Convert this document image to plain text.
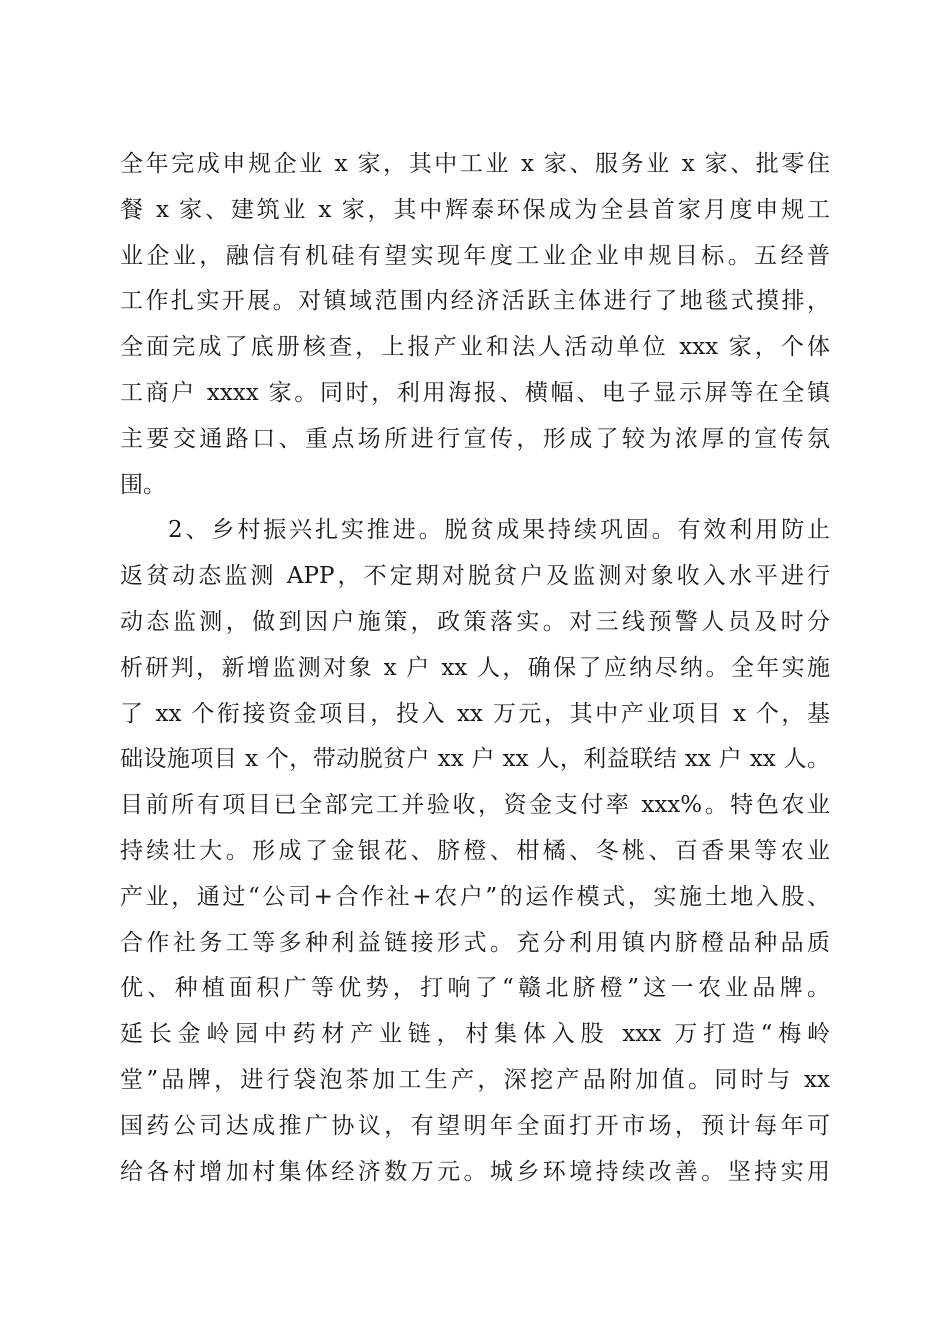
全年完成申规企业 x 家，其中工业 x 家、服务业 x 家、批零住
餐 x 家、建筑业 x 家，其中辉泰环保成为全县首家月度申规工
业企业，融信有机硅有望实现年度工业企业申规目标。五经普
工作扎实开展。对镇域范围内经济活跃主体进行了地毯式摸排，
全面完成了底册核查，上报产业和法人活动单位 xxx 家，个体
工商户 xxxx 家。同时，利用海报、横幅、电子显示屏等在全镇
主要交通路口、重点场所进行宣传，形成了较为浓厚的宣传氛
围。
2、乡村振兴扎实推进。脱贫成果持续巩固。有效利用防止
返贫动态监测 APP，不定期对脱贫户及监测对象收入水平进行
动态监测，做到因户施策，政策落实。对三线预警人员及时分
析研判，新增监测对象 x 户 xx 人，确保了应纳尽纳。全年实施
了 xx 个衔接资金项目，投入 xx 万元，其中产业项目 x 个，基
础设施项目 x 个，带动脱贫户 xx 户 xx 人，利益联结 xx 户 xx 人。
目前所有项目已全部完工并验收，资金支付率 xxx%。特色农业
持续壮大。形成了金银花、脐橙、柑橘、冬桃、百香果等农业
产业，通过“公司+合作社+农户”的运作模式，实施土地入股、
合作社务工等多种利益链接形式。充分利用镇内脐橙品种品质
优、种植面积广等优势，打响了“赣北脐橙”这一农业品牌。
延长金岭园中药材产业链，村集体入股 xxx 万打造“梅岭
堂”品牌，进行袋泡茶加工生产，深挖产品附加值。同时与 xx
国药公司达成推广协议，有望明年全面打开市场，预计每年可
给各村增加村集体经济数万元。城乡环境持续改善。坚持实用
